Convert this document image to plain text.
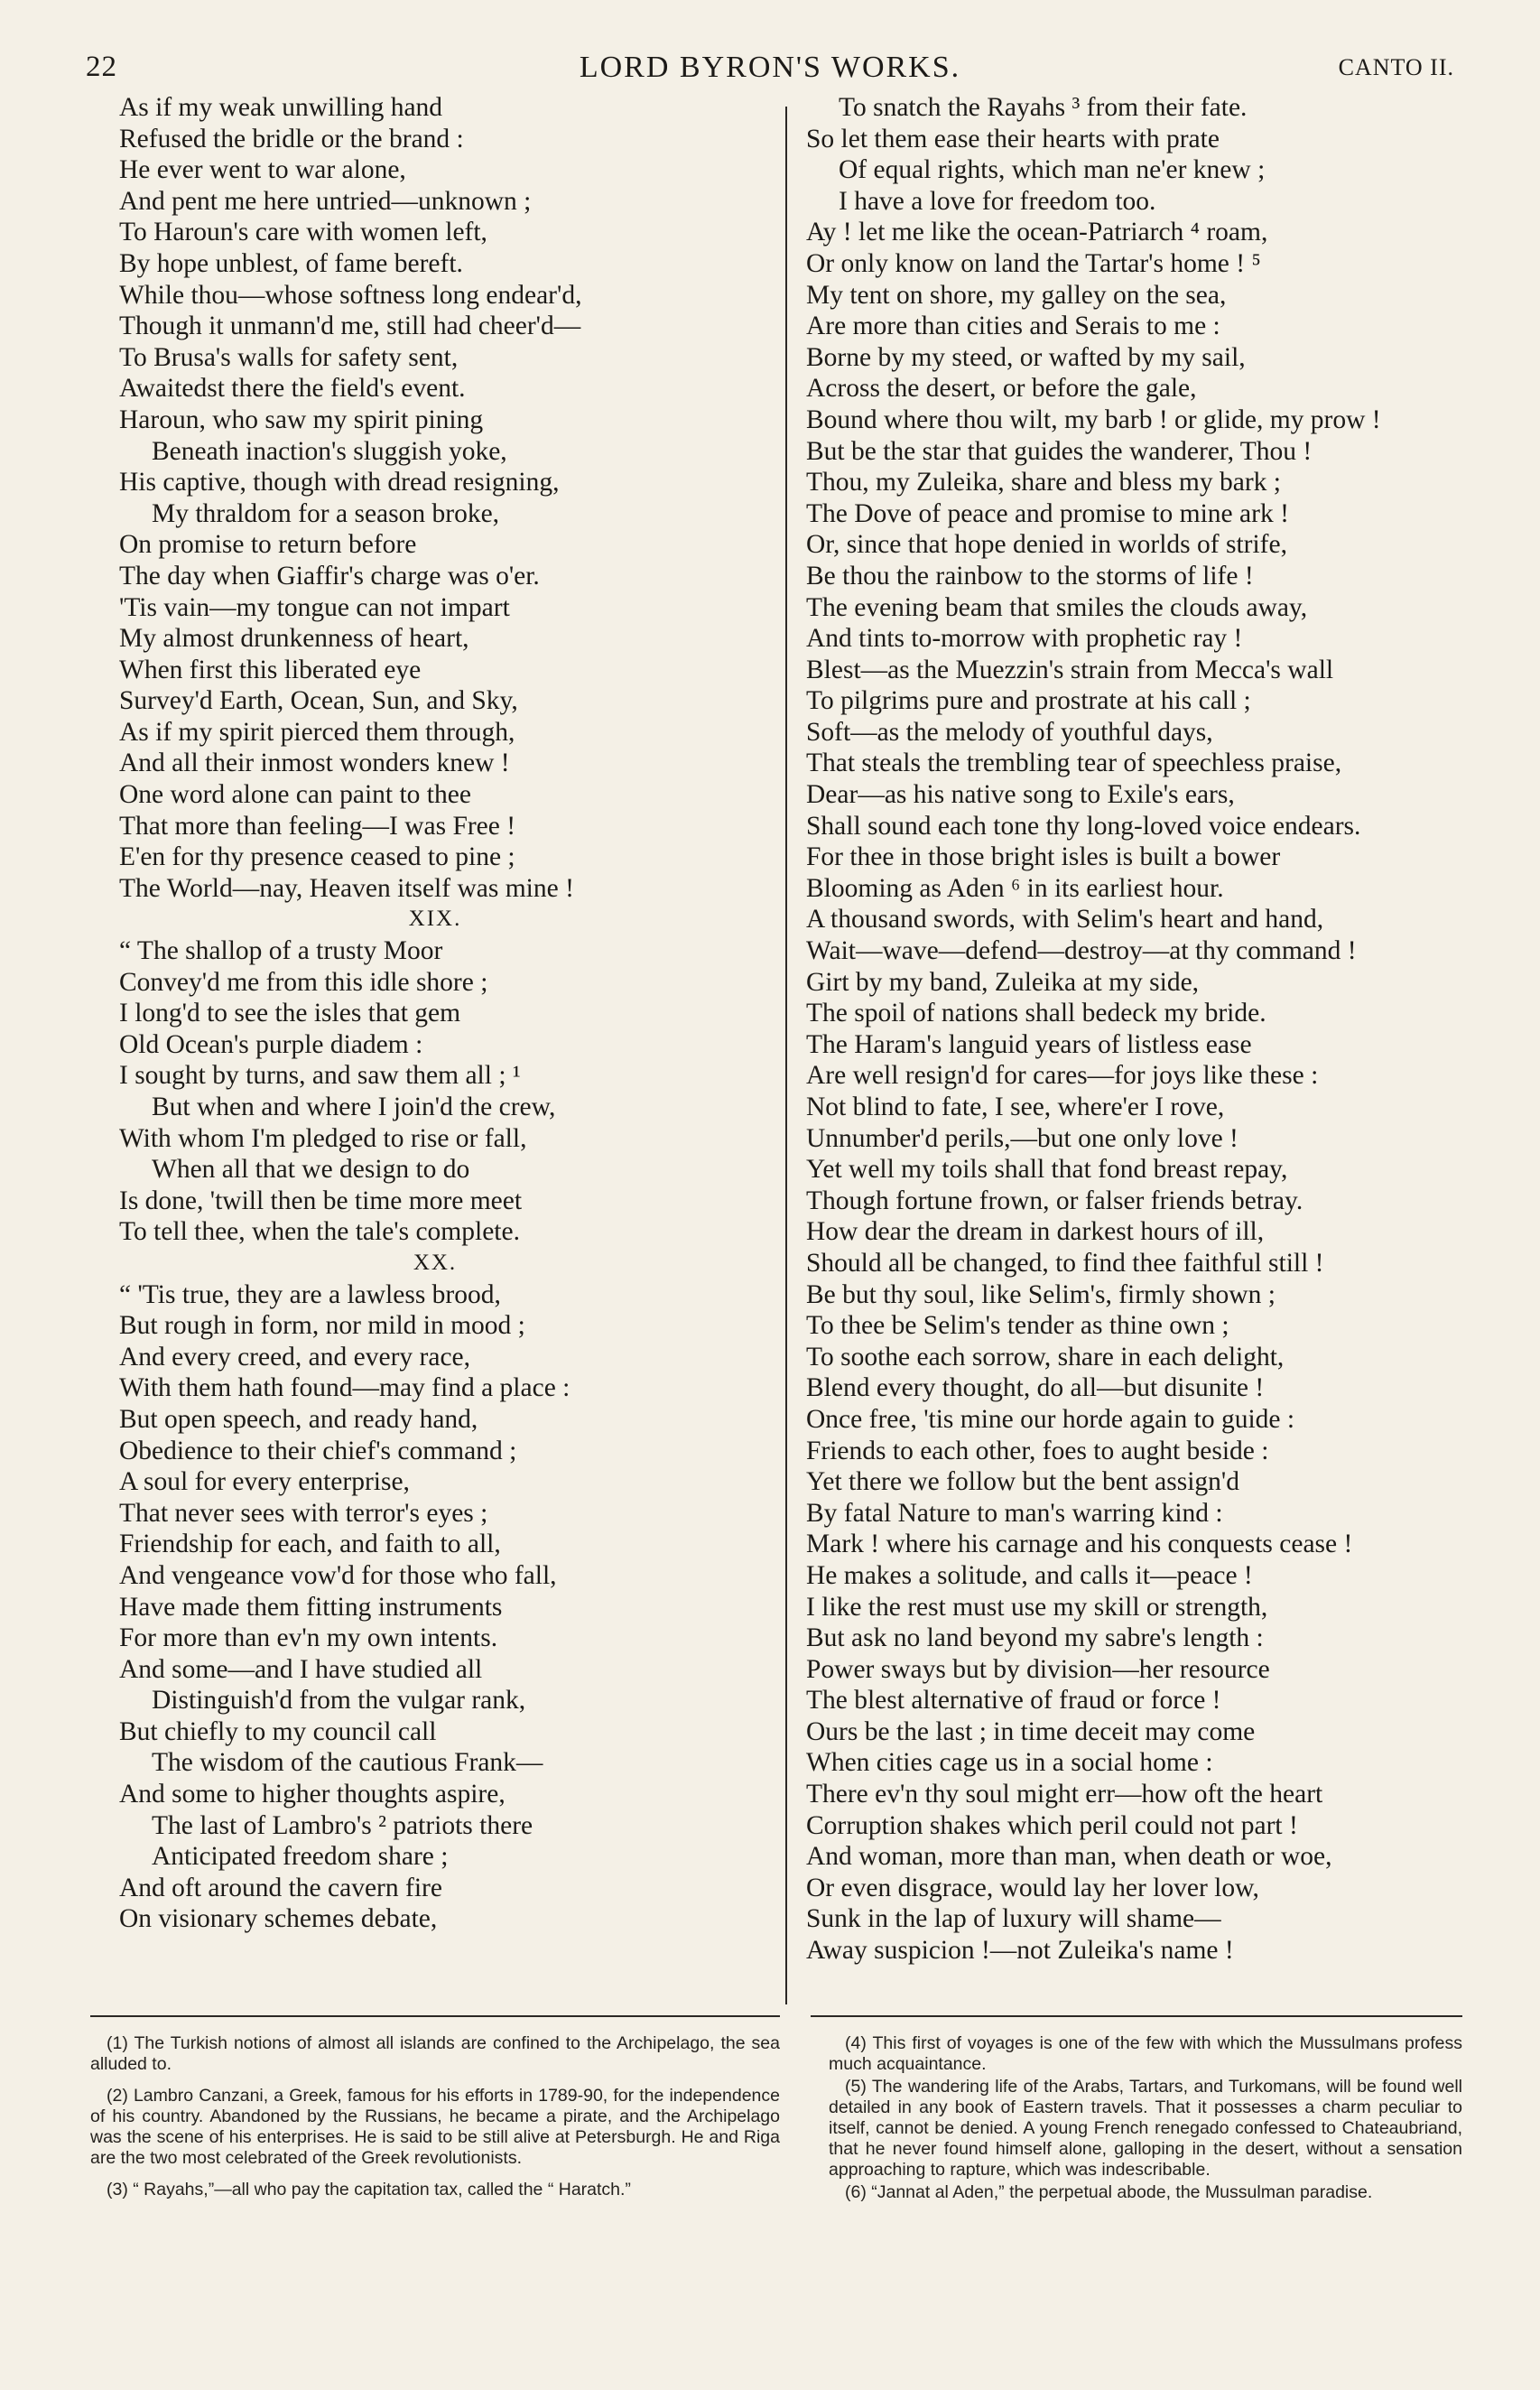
22	LORD BYRON'S WORKS.	CANTO II.
As if my weak unwilling hand
Refused the bridle or the brand :
He ever went to war alone,
And pent me here untried—unknown ;
To Haroun's care with women left,
By hope unblest, of fame bereft.
While thou—whose softness long endear'd,
Though it unmann'd me, still had cheer'd—
To Brusa's walls for safety sent,
Awaitedst there the field's event.
Haroun, who saw my spirit pining
Beneath inaction's sluggish yoke,
His captive, though with dread resigning,
My thraldom for a season broke,
On promise to return before
The day when Giaffir's charge was o'er.
'Tis vain—my tongue can not impart
My almost drunkenness of heart,
When first this liberated eye
Survey'd Earth, Ocean, Sun, and Sky,
As if my spirit pierced them through,
And all their inmost wonders knew !
One word alone can paint to thee
That more than feeling—I was Free !
E'en for thy presence ceased to pine ;
The World—nay, Heaven itself was mine !
XIX.
“ The shallop of a trusty Moor
Convey'd me from this idle shore ;
I long'd to see the isles that gem
Old Ocean's purple diadem :
I sought by turns, and saw them all ; ¹
But when and where I join'd the crew,
With whom I'm pledged to rise or fall,
When all that we design to do
Is done, 'twill then be time more meet
To tell thee, when the tale's complete.
XX.
“ 'Tis true, they are a lawless brood,
But rough in form, nor mild in mood ;
And every creed, and every race,
With them hath found—may find a place :
But open speech, and ready hand,
Obedience to their chief's command ;
A soul for every enterprise,
That never sees with terror's eyes ;
Friendship for each, and faith to all,
And vengeance vow'd for those who fall,
Have made them fitting instruments
For more than ev'n my own intents.
And some—and I have studied all
Distinguish'd from the vulgar rank,
But chiefly to my council call
The wisdom of the cautious Frank—
And some to higher thoughts aspire,
The last of Lambro's ² patriots there
Anticipated freedom share ;
And oft around the cavern fire
On visionary schemes debate,
To snatch the Rayahs ³ from their fate.
So let them ease their hearts with prate
Of equal rights, which man ne'er knew ;
I have a love for freedom too.
Ay ! let me like the ocean-Patriarch ⁴ roam,
Or only know on land the Tartar's home ! ⁵
My tent on shore, my galley on the sea,
Are more than cities and Serais to me :
Borne by my steed, or wafted by my sail,
Across the desert, or before the gale,
Bound where thou wilt, my barb ! or glide, my prow !
But be the star that guides the wanderer, Thou !
Thou, my Zuleika, share and bless my bark ;
The Dove of peace and promise to mine ark !
Or, since that hope denied in worlds of strife,
Be thou the rainbow to the storms of life !
The evening beam that smiles the clouds away,
And tints to-morrow with prophetic ray !
Blest—as the Muezzin's strain from Mecca's wall
To pilgrims pure and prostrate at his call ;
Soft—as the melody of youthful days,
That steals the trembling tear of speechless praise,
Dear—as his native song to Exile's ears,
Shall sound each tone thy long-loved voice endears.
For thee in those bright isles is built a bower
Blooming as Aden ⁶ in its earliest hour.
A thousand swords, with Selim's heart and hand,
Wait—wave—defend—destroy—at thy command !
Girt by my band, Zuleika at my side,
The spoil of nations shall bedeck my bride.
The Haram's languid years of listless ease
Are well resign'd for cares—for joys like these :
Not blind to fate, I see, where'er I rove,
Unnumber'd perils,—but one only love !
Yet well my toils shall that fond breast repay,
Though fortune frown, or falser friends betray.
How dear the dream in darkest hours of ill,
Should all be changed, to find thee faithful still !
Be but thy soul, like Selim's, firmly shown ;
To thee be Selim's tender as thine own ;
To soothe each sorrow, share in each delight,
Blend every thought, do all—but disunite !
Once free, 'tis mine our horde again to guide :
Friends to each other, foes to aught beside :
Yet there we follow but the bent assign'd
By fatal Nature to man's warring kind :
Mark ! where his carnage and his conquests cease !
He makes a solitude, and calls it—peace !
I like the rest must use my skill or strength,
But ask no land beyond my sabre's length :
Power sways but by division—her resource
The blest alternative of fraud or force !
Ours be the last ; in time deceit may come
When cities cage us in a social home :
There ev'n thy soul might err—how oft the heart
Corruption shakes which peril could not part !
And woman, more than man, when death or woe,
Or even disgrace, would lay her lover low,
Sunk in the lap of luxury will shame—
Away suspicion !—not Zuleika's name !

(1) The Turkish notions of almost all islands are confined to the Archipelago, the sea alluded to.

(2) Lambro Canzani, a Greek, famous for his efforts in 1789-90, for the independence of his country. Abandoned by the Russians, he became a pirate, and the Archipelago was the scene of his enterprises. He is said to be still alive at Petersburgh. He and Riga are the two most celebrated of the Greek revolutionists.

(3) “ Rayahs,”—all who pay the capitation tax, called the “ Haratch.”

(4) This first of voyages is one of the few with which the Mussulmans profess much acquaintance.

(5) The wandering life of the Arabs, Tartars, and Turkomans, will be found well detailed in any book of Eastern travels. That it possesses a charm peculiar to itself, cannot be denied. A young French renegado confessed to Chateaubriand, that he never found himself alone, galloping in the desert, without a sensation approaching to rapture, which was indescribable.

(6) “Jannat al Aden,” the perpetual abode, the Mussulman paradise.
